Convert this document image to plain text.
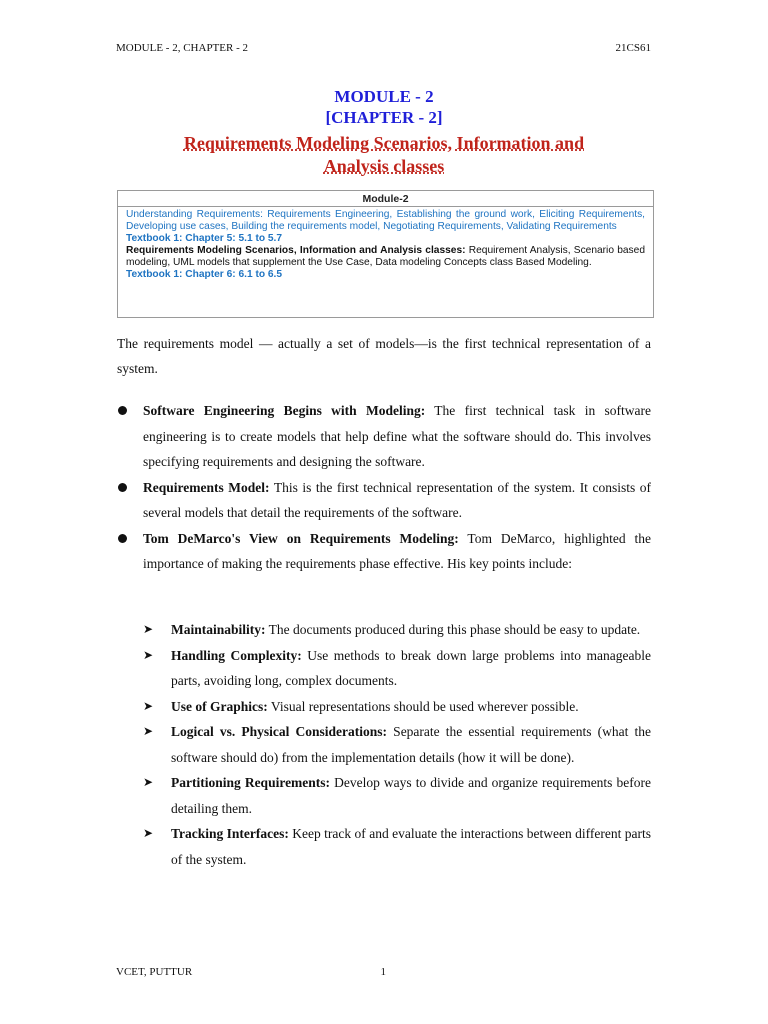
MODULE - 2, CHAPTER - 2	21CS61
MODULE - 2
[CHAPTER - 2]
Requirements Modeling Scenarios, Information and
Analysis classes
Module-2
Understanding Requirements: Requirements Engineering, Establishing the ground work, Eliciting Requirements, Developing use cases, Building the requirements model, Negotiating Requirements, Validating Requirements
Textbook 1: Chapter 5: 5.1 to 5.7
Requirements Modeling Scenarios, Information and Analysis classes: Requirement Analysis, Scenario based modeling, UML models that supplement the Use Case, Data modeling Concepts class Based Modeling.
Textbook 1: Chapter 6: 6.1 to 6.5
The requirements model — actually a set of models—is the first technical representation of a system.
Software Engineering Begins with Modeling: The first technical task in software engineering is to create models that help define what the software should do. This involves specifying requirements and designing the software.
Requirements Model: This is the first technical representation of the system. It consists of several models that detail the requirements of the software.
Tom DeMarco's View on Requirements Modeling: Tom DeMarco, highlighted the importance of making the requirements phase effective. His key points include:
➤ Maintainability: The documents produced during this phase should be easy to update.
➤ Handling Complexity: Use methods to break down large problems into manageable parts, avoiding long, complex documents.
➤ Use of Graphics: Visual representations should be used wherever possible.
➤ Logical vs. Physical Considerations: Separate the essential requirements (what the software should do) from the implementation details (how it will be done).
➤ Partitioning Requirements: Develop ways to divide and organize requirements before detailing them.
➤ Tracking Interfaces: Keep track of and evaluate the interactions between different parts of the system.
VCET, PUTTUR	1
